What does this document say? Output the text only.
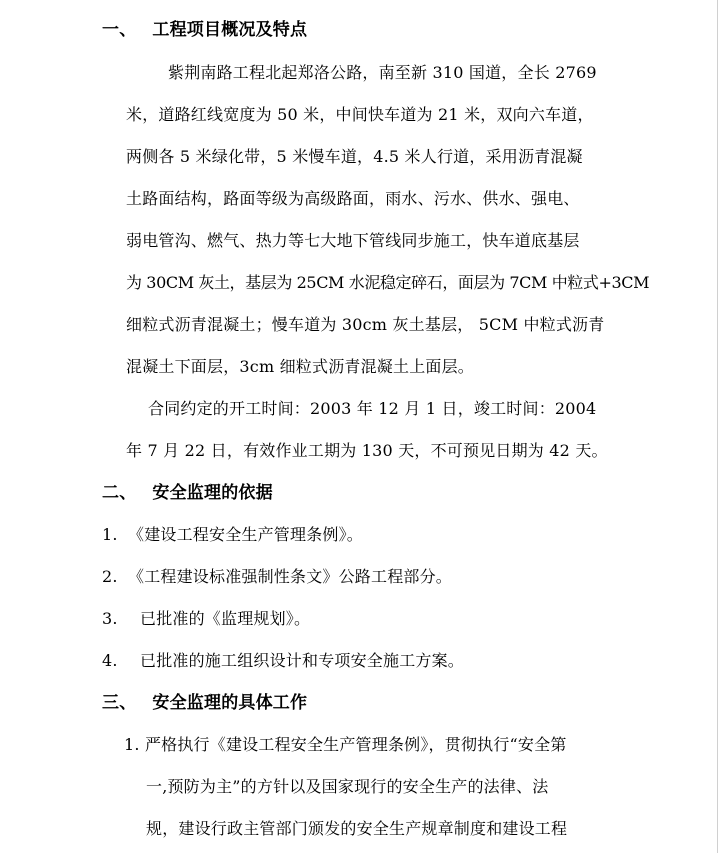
一、 工程项目概况及特点
紫荆南路工程北起郑洛公路，南至新 310 国道，全长 2769
米，道路红线宽度为 50 米，中间快车道为 21 米，双向六车道，
两侧各 5 米绿化带，5 米慢车道，4.5 米人行道，采用沥青混凝
土路面结构，路面等级为高级路面，雨水、污水、供水、强电、
弱电管沟、燃气、热力等七大地下管线同步施工，快车道底基层
为 30CM 灰土，基层为 25CM 水泥稳定碎石，面层为 7CM 中粒式+3CM
细粒式沥青混凝土；慢车道为 30cm 灰土基层， 5CM 中粒式沥青
混凝土下面层，3cm 细粒式沥青混凝土上面层。
合同约定的开工时间：2003 年 12 月 1 日，竣工时间：2004
年 7 月 22 日，有效作业工期为 130 天，不可预见日期为 42 天。
二、 安全监理的依据
1. 《建设工程安全生产管理条例》。
2. 《工程建设标准强制性条文》公路工程部分。
3. 已批准的《监理规划》。
4. 已批准的施工组织设计和专项安全施工方案。
三、 安全监理的具体工作
1. 严格执行《建设工程安全生产管理条例》，贯彻执行“安全第
一,预防为主”的方针以及国家现行的安全生产的法律、法
规，建设行政主管部门颁发的安全生产规章制度和建设工程
